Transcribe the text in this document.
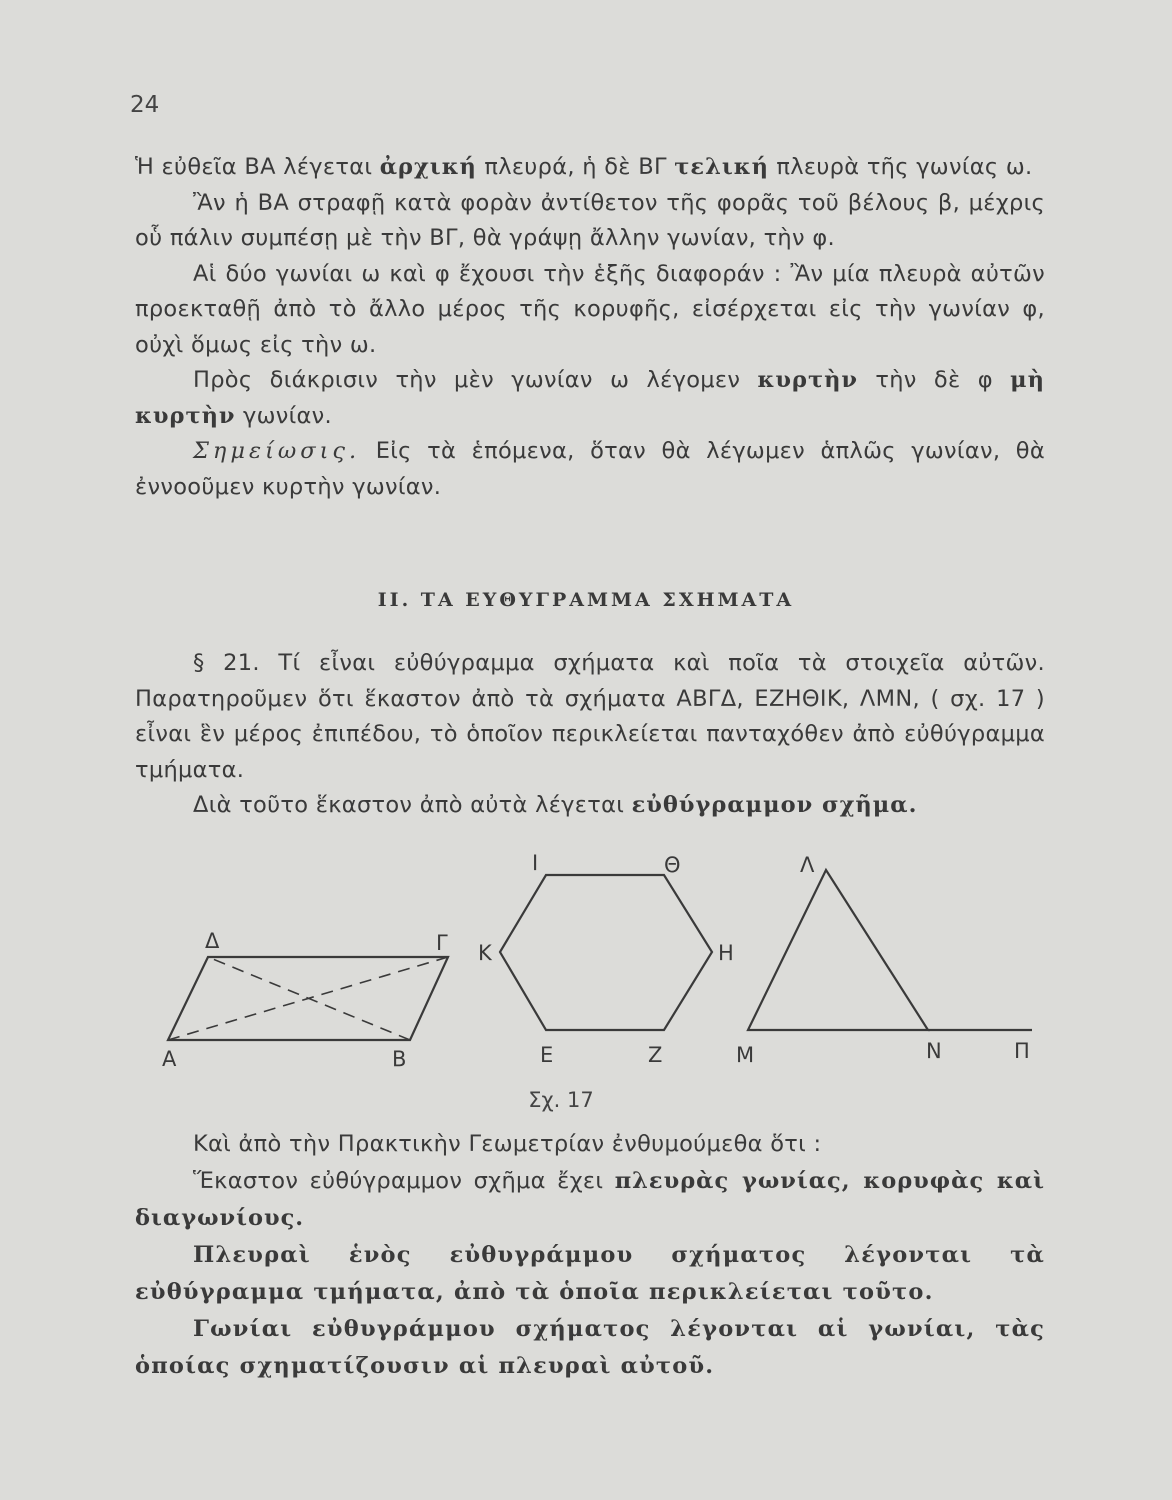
24

Ἡ εὐθεῖα ΒΑ λέγεται ἀρχική πλευρά, ἡ δὲ ΒΓ τελική πλευρὰ τῆς γωνίας ω.

Ἂν ἡ ΒΑ στραφῇ κατὰ φορὰν ἀντίθετον τῆς φορᾶς τοῦ βέλους β, μέχρις οὗ πάλιν συμπέσῃ μὲ τὴν ΒΓ, θὰ γράψῃ ἄλλην γωνίαν, τὴν φ.

Αἱ δύο γωνίαι ω καὶ φ ἔχουσι τὴν ἑξῆς διαφοράν : Ἂν μία πλευρὰ αὐτῶν προεκταθῇ ἀπὸ τὸ ἄλλο μέρος τῆς κορυφῆς, εἰσέρχεται εἰς τὴν γωνίαν φ, οὐχὶ ὅμως εἰς τὴν ω.

Πρὸς διάκρισιν τὴν μὲν γωνίαν ω λέγομεν κυρτὴν τὴν δὲ φ μὴ κυρτὴν γωνίαν.

Σημείωσις. Εἰς τὰ ἑπόμενα, ὅταν θὰ λέγωμεν ἁπλῶς γωνίαν, θὰ ἐννοοῦμεν κυρτὴν γωνίαν.

ΙΙ. ΤΑ ΕΥΘΥΓΡΑΜΜΑ ΣΧΗΜΑΤΑ

§ 21. Τί εἶναι εὐθύγραμμα σχήματα καὶ ποῖα τὰ στοιχεῖα αὐτῶν. Παρατηροῦμεν ὅτι ἕκαστον ἀπὸ τὰ σχήματα ΑΒΓΔ, ΕΖΗΘΙΚ, ΛΜΝ, ( σχ. 17 ) εἶναι ἓν μέρος ἐπιπέδου, τὸ ὁποῖον περικλείεται πανταχόθεν ἀπὸ εὐθύγραμμα τμήματα.

Διὰ τοῦτο ἕκαστον ἀπὸ αὐτὰ λέγεται εὐθύγραμμον σχῆμα.

Α	Β
Γ
Δ
Ε	Ζ
Η
Θ
Ι
Κ
Λ
Μ	Ν	Π
Σχ. 17

Καὶ ἀπὸ τὴν Πρακτικὴν Γεωμετρίαν ἐνθυμούμεθα ὅτι :

Ἕκαστον εὐθύγραμμον σχῆμα ἔχει πλευρὰς γωνίας, κορυφὰς καὶ διαγωνίους.

Πλευραὶ ἑνὸς εὐθυγράμμου σχήματος λέγονται τὰ εὐθύγραμμα τμήματα, ἀπὸ τὰ ὁποῖα περικλείεται τοῦτο.

Γωνίαι εὐθυγράμμου σχήματος λέγονται αἱ γωνίαι, τὰς ὁποίας σχηματίζουσιν αἱ πλευραὶ αὐτοῦ.
